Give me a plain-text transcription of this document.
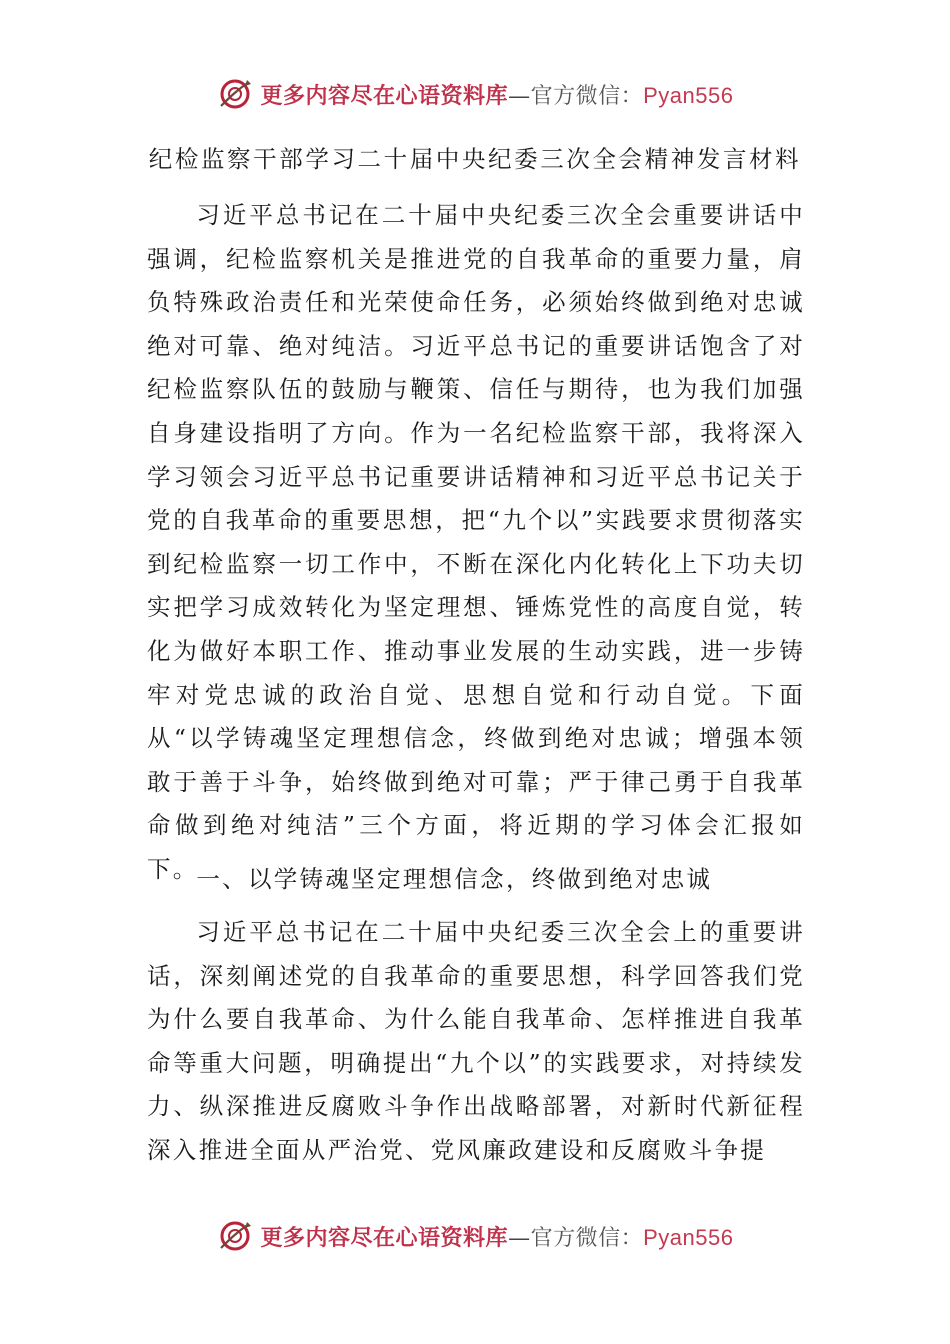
更多内容尽在心语资料库—官方微信：Pyan556
纪检监察干部学习二十届中央纪委三次全会精神发言材料

习近平总书记在二十届中央纪委三次全会重要讲话中强调，纪检监察机关是推进党的自我革命的重要力量，肩负特殊政治责任和光荣使命任务，必须始终做到绝对忠诚绝对可靠、绝对纯洁。习近平总书记的重要讲话饱含了对纪检监察队伍的鼓励与鞭策、信任与期待，也为我们加强自身建设指明了方向。作为一名纪检监察干部，我将深入学习领会习近平总书记重要讲话精神和习近平总书记关于党的自我革命的重要思想，把“九个以”实践要求贯彻落实到纪检监察一切工作中，不断在深化内化转化上下功夫切实把学习成效转化为坚定理想、锤炼党性的高度自觉，转化为做好本职工作、推动事业发展的生动实践，进一步铸牢对党忠诚的政治自觉、思想自觉和行动自觉。下面从“以学铸魂坚定理想信念，终做到绝对忠诚；增强本领敢于善于斗争，始终做到绝对可靠；严于律己勇于自我革命做到绝对纯洁”三个方面，将近期的学习体会汇报如下。

一、以学铸魂坚定理想信念，终做到绝对忠诚

习近平总书记在二十届中央纪委三次全会上的重要讲话，深刻阐述党的自我革命的重要思想，科学回答我们党为什么要自我革命、为什么能自我革命、怎样推进自我革命等重大问题，明确提出“九个以”的实践要求，对持续发力、纵深推进反腐败斗争作出战略部署，对新时代新征程深入推进全面从严治党、党风廉政建设和反腐败斗争提

更多内容尽在心语资料库—官方微信：Pyan556
